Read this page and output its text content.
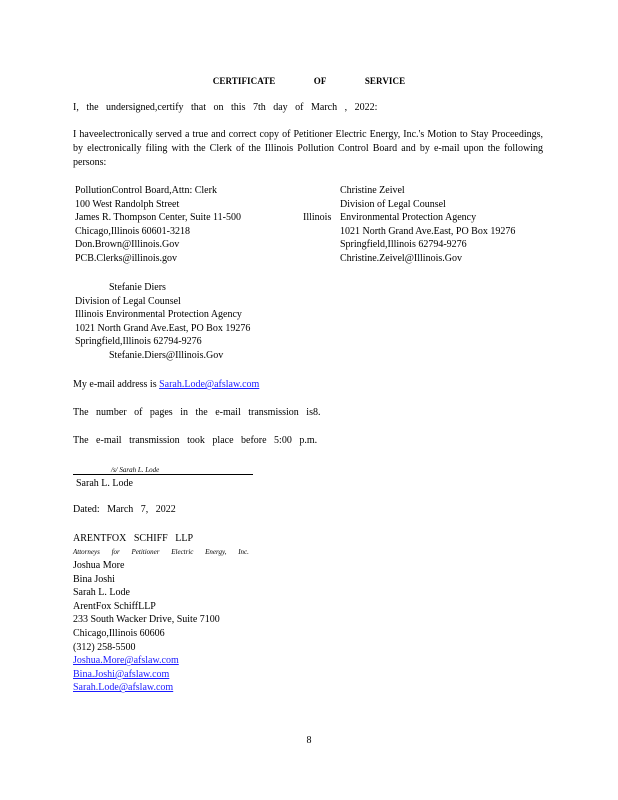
CERTIFICATE	OF	SERVICE
I, the undersigned,certify that on this 7th day of March , 2022:
I haveelectronically served a true and correct copy of Petitioner Electric Energy, Inc.'s Motion to Stay Proceedings, by electronically filing with the Clerk of the Illinois Pollution Control Board and by e-mail upon the following persons:

PollutionControl Board,Attn: Clerk

100 West Randolph Street

James R. Thompson Center, Suite 11-500

Chicago,Illinois 60601-3218

Don.Brown@Illinois.Gov

PCB.Clerks@illinois.gov

Illinois

Christine Zeivel

Division of Legal Counsel

Environmental Protection Agency

1021 North Grand Ave.East, PO Box 19276

Springfield,Illinois 62794-9276

Christine.Zeivel@Illinois.Gov

Stefanie Diers

Division of Legal Counsel

Illinois Environmental Protection Agency

1021 North Grand Ave.East, PO Box 19276

Springfield,Illinois 62794-9276

Stefanie.Diers@Illinois.Gov

My e-mail address is Sarah.Lode@afslaw.com
The number of pages in the e-mail transmission is8.
The e-mail transmission took place before 5:00 p.m.
/s/ Sarah L. Lode
Sarah L. Lode
Dated: March 7, 2022
ARENTFOX SCHIFF LLP
Attorneys for Petitioner Electric Energy, Inc.

Joshua More

Bina Joshi

Sarah L. Lode

ArentFox SchiffLLP

233 South Wacker Drive, Suite 7100

Chicago,Illinois 60606

(312) 258-5500

Joshua.More@afslaw.com

Bina.Joshi@afslaw.com

Sarah.Lode@afslaw.com

8
